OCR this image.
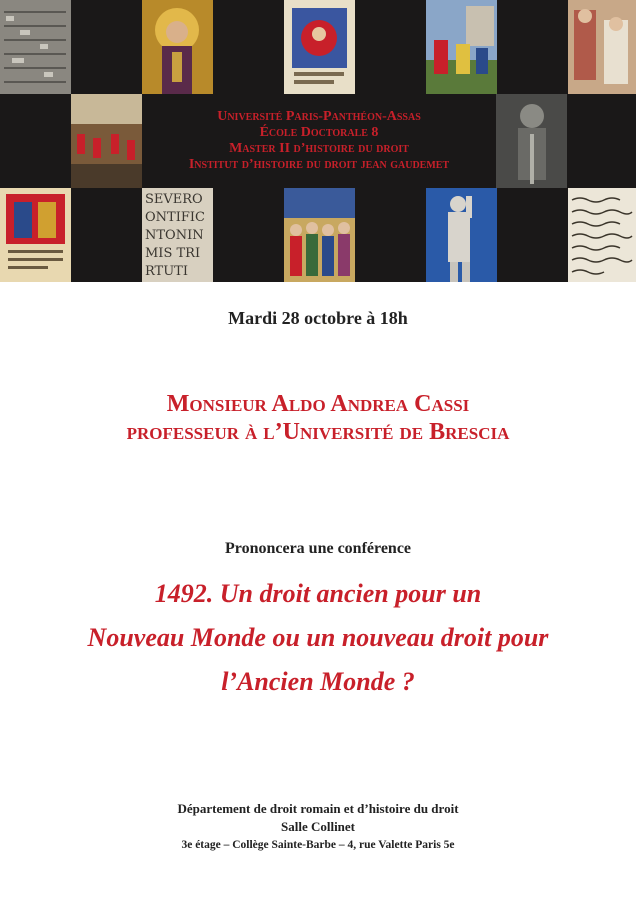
Université Paris-Panthéon-Assas
École Doctorale 8
Master II d’histoire du droit
Institut d’histoire du droit jean gaudemet
SEVERO
ONTIFIC
NTONIN
MIS TRI
RTUTI
Mardi 28 octobre à 18h
Monsieur Aldo Andrea Cassi
professeur à l’Université de Brescia
Prononcera une conférence
1492. Un droit ancien pour un
Nouveau Monde ou un nouveau droit pour
l’Ancien Monde ?
Département de droit romain et d’histoire du droit
Salle Collinet
3e étage – Collège Sainte-Barbe – 4, rue Valette Paris 5e
